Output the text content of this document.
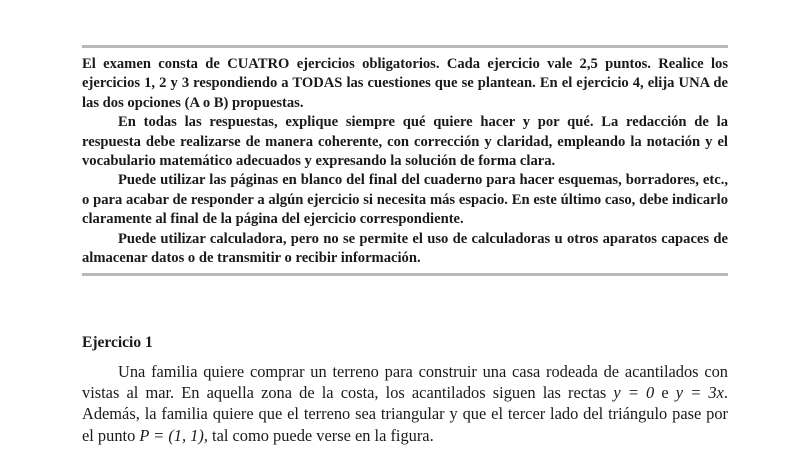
El examen consta de CUATRO ejercicios obligatorios. Cada ejercicio vale 2,5 puntos. Realice los ejercicios 1, 2 y 3 respondiendo a TODAS las cuestiones que se plantean. En el ejercicio 4, elija UNA de las dos opciones (A o B) propuestas.

En todas las respuestas, explique siempre qué quiere hacer y por qué. La redacción de la respuesta debe realizarse de manera coherente, con corrección y claridad, empleando la notación y el vocabulario matemático adecuados y expresando la solución de forma clara.

Puede utilizar las páginas en blanco del final del cuaderno para hacer esquemas, borradores, etc., o para acabar de responder a algún ejercicio si necesita más espacio. En este último caso, debe indicarlo claramente al final de la página del ejercicio correspondiente.

Puede utilizar calculadora, pero no se permite el uso de calculadoras u otros aparatos capaces de almacenar datos o de transmitir o recibir información.

Ejercicio 1

Una familia quiere comprar un terreno para construir una casa rodeada de acantilados con vistas al mar. En aquella zona de la costa, los acantilados siguen las rectas y = 0 e y = 3x. Además, la familia quiere que el terreno sea triangular y que el tercer lado del triángulo pase por el punto P = (1, 1), tal como puede verse en la figura.
